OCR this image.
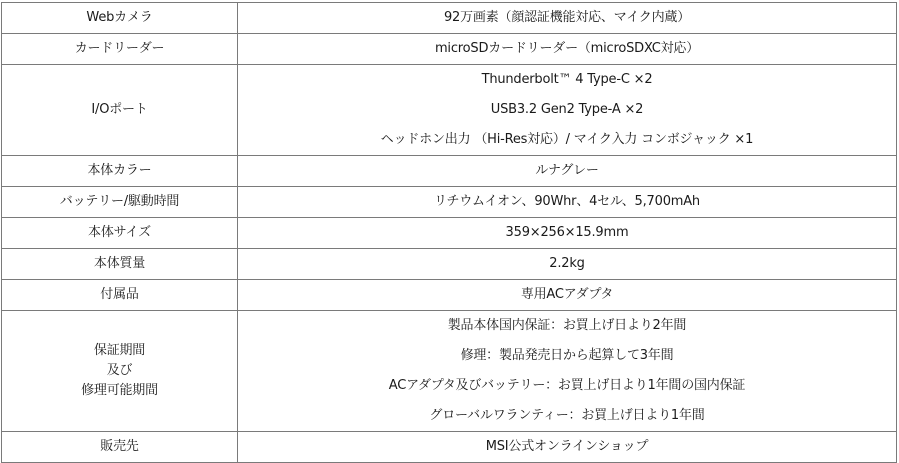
Webカメラ	92万画素（顔認証機能対応、マイク内蔵）

カードリーダー	microSDカードリーダー（microSDXC対応）

I/Oポート	Thunderbolt™ 4 Type-C ×2
USB3.2 Gen2 Type-A ×2
ヘッドホン出力 （Hi-Res対応）/ マイク入力 コンボジャック ×1

本体カラー	ルナグレー

バッテリー/駆動時間	リチウムイオン、90Whr、4セル、5,700mAh

本体サイズ	359×256×15.9mm

本体質量	2.2kg

付属品	専用ACアダプタ

保証期間
及び
修理可能期間	製品本体国内保証：お買上げ日より2年間
修理：製品発売日から起算して3年間
ACアダプタ及びバッテリー：お買上げ日より1年間の国内保証
グローバルワランティー：お買上げ日より1年間

販売先	MSI公式オンラインショップ
